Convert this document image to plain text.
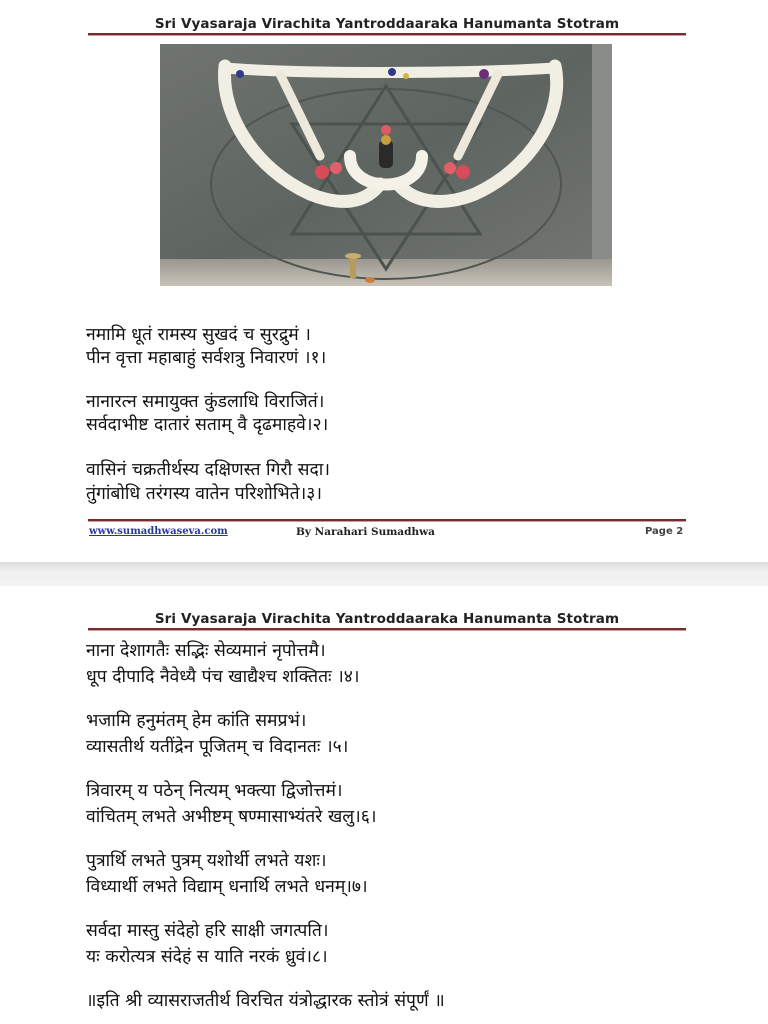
Sri Vyasaraja Virachita Yantroddaaraka Hanumanta Stotram
नमामि धूतं रामस्य सुखदं च सुरद्रुमं ।
पीन वृत्ता महाबाहुं सर्वशत्रु निवारणं ।१।
नानारत्न समायुक्त कुंडलाधि विराजितं।
सर्वदाभीष्ट दातारं सताम् वै दृढमाहवे।२।
वासिनं चक्रतीर्थस्य दक्षिणस्त गिरौ सदा।
तुंगांबोधि तरंगस्य वातेन परिशोभिते।३।
www.sumadhwaseva.com	By Narahari Sumadhwa	Page 2
Sri Vyasaraja Virachita Yantroddaaraka Hanumanta Stotram
नाना देशागतैः सद्भिः सेव्यमानं नृपोत्तमै।
धूप दीपादि नैवेध्यै पंच खाद्यैश्च शक्तितः ।४।
भजामि हनुमंतम् हेम कांति समप्रभं।
व्यासतीर्थ यतींद्रेन पूजितम् च विदानतः ।५।
त्रिवारम् य पठेन् नित्यम् भक्त्या द्विजोत्तमं।
वांचितम् लभते अभीष्टम् षण्मासाभ्यंतरे खलु।६।
पुत्रार्थि लभते पुत्रम् यशोर्थी लभते यशः।
विध्यार्थी लभते विद्याम् धनार्थि लभते धनम्।७।
सर्वदा मास्तु संदेहो हरि साक्षी जगत्पति।
यः करोत्यत्र संदेहं स याति नरकं ध्रुवं।८।
॥इति श्री व्यासराजतीर्थ विरचित यंत्रोद्धारक स्तोत्रं संपूर्णं ॥
